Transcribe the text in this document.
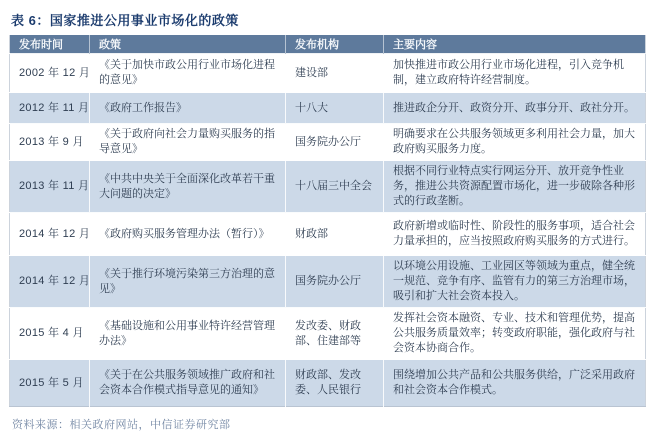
表 6：国家推进公用事业市场化的政策
发布时间	政策	发布机构	主要内容
2002 年 12 月	《关于加快市政公用行业市场化进程的意见》	建设部	加快推进市政公用行业市场化进程，引入竞争机制，建立政府特许经营制度。
2012 年 11 月	《政府工作报告》	十八大	推进政企分开、政资分开、政事分开、政社分开。
2013 年 9 月	《关于政府向社会力量购买服务的指导意见》	国务院办公厅	明确要求在公共服务领域更多利用社会力量，加大政府购买服务力度。
2013 年 11 月	《中共中央关于全面深化改革若干重大问题的决定》	十八届三中全会	根据不同行业特点实行网运分开、放开竞争性业务，推进公共资源配置市场化，进一步破除各种形式的行政垄断。
2014 年 12 月	《政府购买服务管理办法（暂行）》	财政部	政府新增或临时性、阶段性的服务事项，适合社会力量承担的，应当按照政府购买服务的方式进行。
2014 年 12 月	《关于推行环境污染第三方治理的意见》	国务院办公厅	以环境公用设施、工业园区等领域为重点，健全统一规范、竞争有序、监管有力的第三方治理市场，吸引和扩大社会资本投入。
2015 年 4 月	《基础设施和公用事业特许经营管理办法》	发改委、财政部、住建部等	发挥社会资本融资、专业、技术和管理优势，提高公共服务质量效率；转变政府职能，强化政府与社会资本协商合作。
2015 年 5 月	《关于在公共服务领域推广政府和社会资本合作模式指导意见的通知》	财政部、发改委、人民银行	围绕增加公共产品和公共服务供给，广泛采用政府和社会资本合作模式。
资料来源：相关政府网站，中信证券研究部
